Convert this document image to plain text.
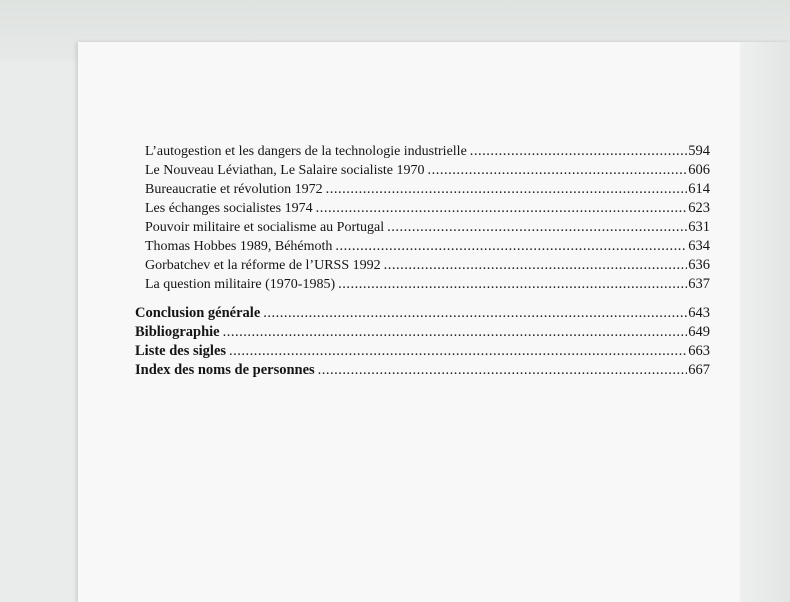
L’autogestion et les dangers de la technologie industrielle .....	594
Le Nouveau Léviathan, Le Salaire socialiste 1970 .....	606
Bureaucratie et révolution 1972 .....	614
Les échanges socialistes 1974 .....	623
Pouvoir militaire et socialisme au Portugal .....	631
Thomas Hobbes 1989, Béhémoth .....	634
Gorbatchev et la réforme de l’URSS 1992 .....	636
La question militaire (1970-1985) .....	637
Conclusion générale .....	643
Bibliographie .....	649
Liste des sigles .....	663
Index des noms de personnes .....	667
